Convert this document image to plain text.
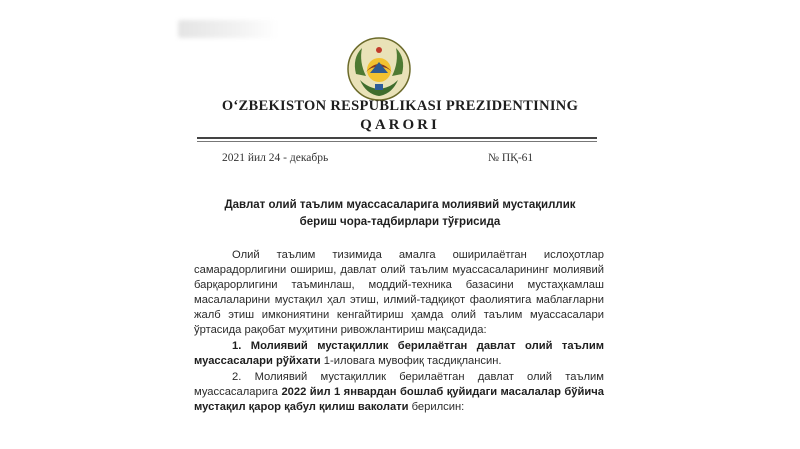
O‘ZBEKISTON RESPUBLIKASI PREZIDENTINING
QARORI
2021 йил 24 - декабрь	№ ПҚ-61
Давлат олий таълим муассасаларига молиявий мустақиллик
бериш чора-тадбирлари тўғрисида
Олий таълим тизимида амалга оширилаётган ислоҳотлар самарадорлигини ошириш, давлат олий таълим муассасаларининг молиявий барқарорлигини таъминлаш, моддий-техника базасини мустаҳкамлаш масалаларини мустақил ҳал этиш, илмий-тадқиқот фаолиятига маблағларни жалб этиш имкониятини кенгайтириш ҳамда олий таълим муассасалари ўртасида рақобат муҳитини ривожлантириш мақсадида:
1. Молиявий мустақиллик берилаётган давлат олий таълим муассасалари рўйхати 1-иловага мувофиқ тасдиқлансин.
2. Молиявий мустақиллик берилаётган давлат олий таълим муассасаларига 2022 йил 1 январдан бошлаб қуйидаги масалалар бўйича мустақил қарор қабул қилиш ваколати берилсин:
